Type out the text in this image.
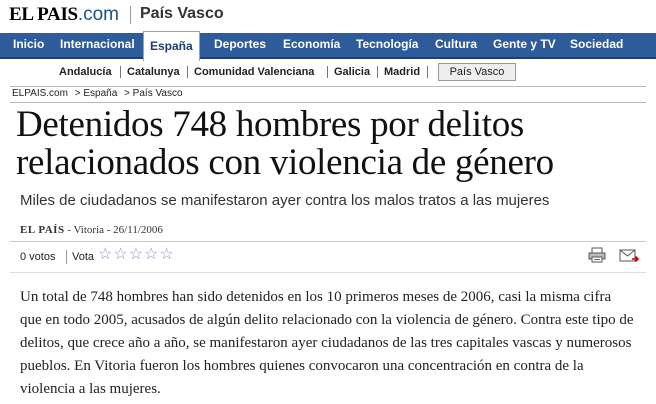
EL PAIS .com País Vasco
Inicio Internacional	España	Deportes Economía Tecnología Cultura Gente y TV Sociedad
Andalucía Catalunya Comunidad Valenciana Galicia Madrid	País Vasco
ELPAIS.com > España > País Vasco
Detenidos 748 hombres por delitos relacionados con violencia de género
Miles de ciudadanos se manifestaron ayer contra los malos tratos a las mujeres
EL PAÍS - Vitoria - 26/11/2006
0 votos Vota ☆ ☆ ☆ ☆ ☆

Un total de 748 hombres han sido detenidos en los 10 primeros meses de 2006, casi la misma cifra que en todo 2005, acusados de algún delito relacionado con la violencia de género. Contra este tipo de delitos, que crece año a año, se manifestaron ayer ciudadanos de las tres capitales vascas y numerosos pueblos. En Vitoria fueron los hombres quienes convocaron una concentración en contra de la violencia a las mujeres.
